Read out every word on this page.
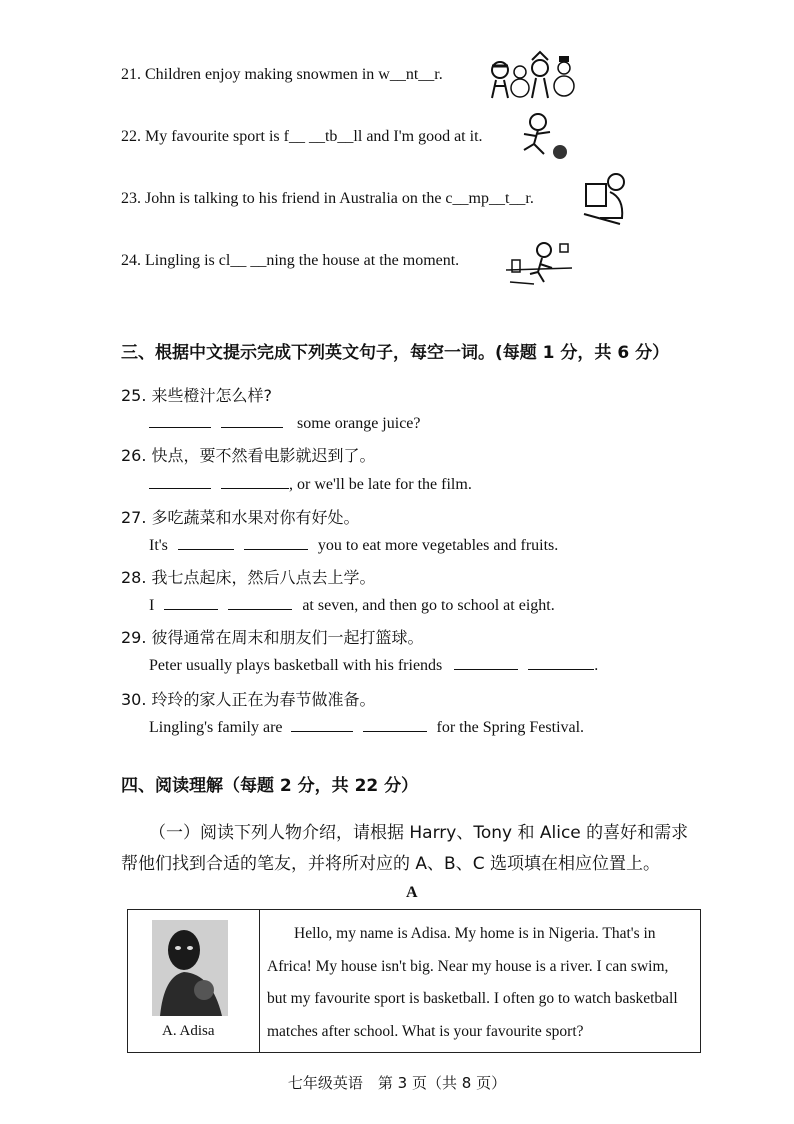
21. Children enjoy making snowmen in w__nt__r.
22. My favourite sport is f__ __tb__ll and I'm good at it.
23. John is talking to his friend in Australia on the c__mp__t__r.
24. Lingling is cl__ __ning the house at the moment.
三、根据中文提示完成下列英文句子，每空一词。(每题 1 分，共 6 分）
25. 来些橙汁怎么样?
some orange juice?
26. 快点，要不然看电影就迟到了。
, or we'll be late for the film.
27. 多吃蔬菜和水果对你有好处。
It's	you to eat more vegetables and fruits.
28. 我七点起床，然后八点去上学。
I	at seven, and then go to school at eight.
29. 彼得通常在周末和朋友们一起打篮球。
Peter usually plays basketball with his friends	.
30. 玲玲的家人正在为春节做准备。
Lingling's family are	for the Spring Festival.
四、阅读理解（每题 2 分，共 22 分）
（一）阅读下列人物介绍，请根据 Harry、Tony 和 Alice 的喜好和需求
帮他们找到合适的笔友，并将所对应的 A、B、C 选项填在相应位置上。
A
A. Adisa
Hello, my name is Adisa. My home is in Nigeria. That's in
Africa! My house isn't big. Near my house is a river. I can swim,
but my favourite sport is basketball. I often go to watch basketball
matches after school. What is your favourite sport?
七年级英语　第 3 页（共 8 页）
